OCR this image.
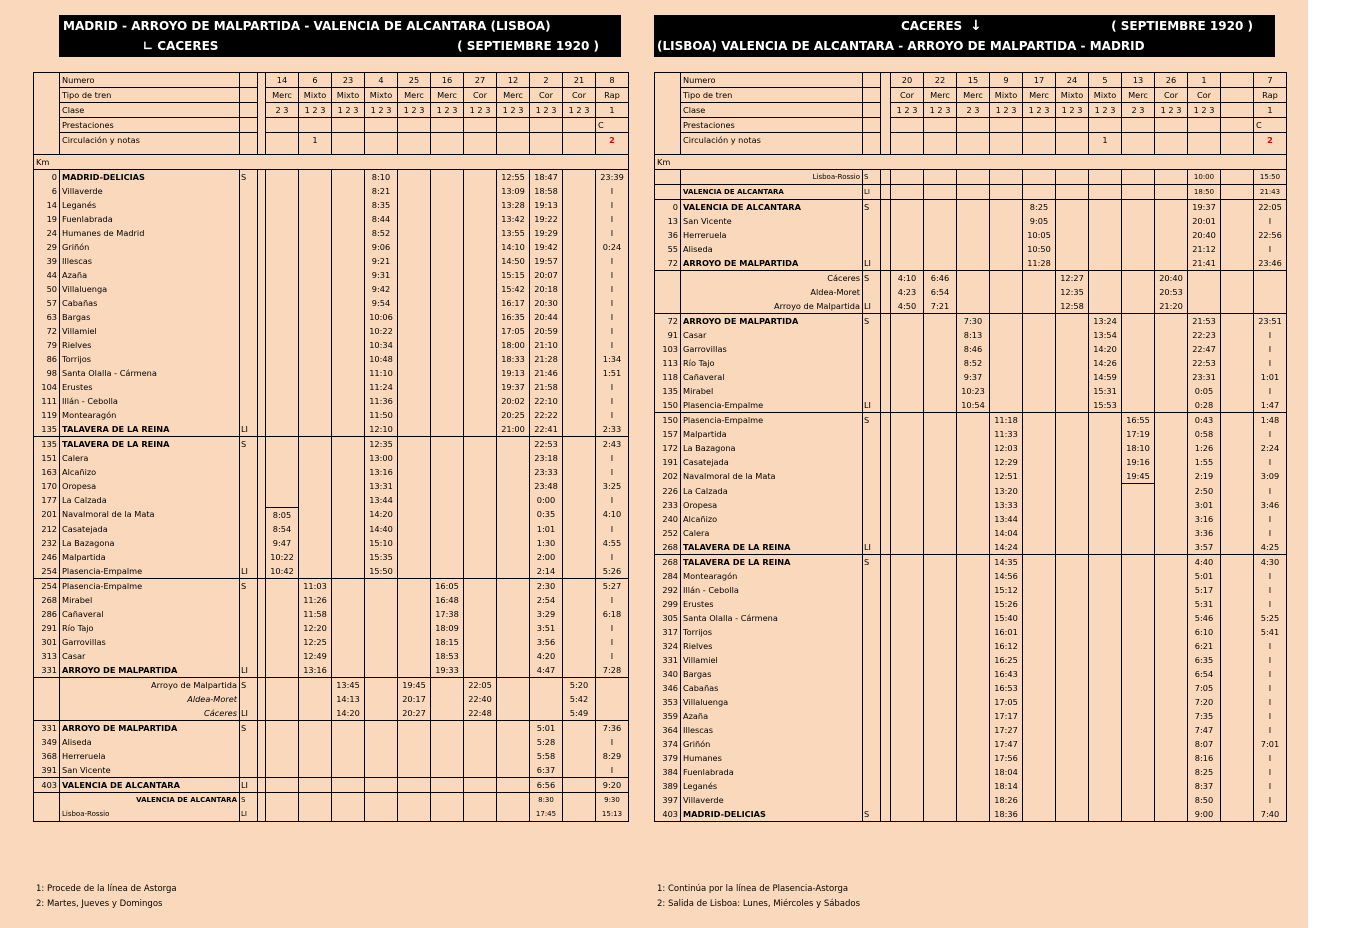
MADRID - ARROYO DE MALPARTIDA - VALENCIA DE ALCANTARA (LISBOA)
∟ CACERES	( SEPTIEMBRE 1920 )
CACERES ↓	( SEPTIEMBRE 1920 )
(LISBOA) VALENCIA DE ALCANTARA - ARROYO DE MALPARTIDA - MADRID
	Numero			14	6	23	4	25	16	27	12	2	21	8
	Tipo de tren			Merc	Mixto	Mixto	Mixto	Merc	Merc	Cor	Merc	Cor	Cor	Rap
	Clase			2 3	1 2 3	1 2 3	1 2 3	1 2 3	1 2 3	1 2 3	1 2 3	1 2 3	1 2 3	1
	Prestaciones													C
	Circulación y notas				1									2
Km														
0	MADRID-DELICIAS	S					8:10				12:55	18:47		23:39
6	Villaverde						8:21				13:09	18:58		I
14	Leganés						8:35				13:28	19:13		I
19	Fuenlabrada						8:44				13:42	19:22		I
24	Humanes de Madrid						8:52				13:55	19:29		I
29	Griñón						9:06				14:10	19:42		0:24
39	Illescas						9:21				14:50	19:57		I
44	Azaña						9:31				15:15	20:07		I
50	Villaluenga						9:42				15:42	20:18		I
57	Cabañas						9:54				16:17	20:30		I
63	Bargas						10:06				16:35	20:44		I
72	Villamiel						10:22				17:05	20:59		I
79	Rielves						10:34				18:00	21:10		I
86	Torrijos						10:48				18:33	21:28		1:34
98	Santa Olalla - Cármena						11:10				19:13	21:46		1:51
104	Erustes						11:24				19:37	21:58		I
111	Illán - Cebolla						11:36				20:02	22:10		I
119	Montearagón						11:50				20:25	22:22		I
135	TALAVERA DE LA REINA	LI					12:10				21:00	22:41		2:33
135	TALAVERA DE LA REINA	S					12:35					22:53		2:43
151	Calera						13:00					23:18		I
163	Alcañizo						13:16					23:33		I
170	Oropesa						13:31					23:48		3:25
177	La Calzada						13:44					0:00		I
201	Navalmoral de la Mata			8:05			14:20					0:35		4:10
212	Casatejada			8:54			14:40					1:01		I
232	La Bazagona			9:47			15:10					1:30		4:55
246	Malpartida			10:22			15:35					2:00		I
254	Plasencia-Empalme	LI		10:42			15:50					2:14		5:26
254	Plasencia-Empalme	S			11:03				16:05			2:30		5:27
268	Mirabel				11:26				16:48			2:54		I
286	Cañaveral				11:58				17:38			3:29		6:18
291	Río Tajo				12:20				18:09			3:51		I
301	Garrovillas				12:25				18:15			3:56		I
313	Casar				12:49				18:53			4:20		I
331	ARROYO DE MALPARTIDA	LI			13:16				19:33			4:47		7:28
	Arroyo de Malpartida	S				13:45		19:45		22:05			5:20	
	Aldea-Moret					14:13		20:17		22:40			5:42	
	Cáceres	LI				14:20		20:27		22:48			5:49	
331	ARROYO DE MALPARTIDA	S										5:01		7:36
349	Aliseda											5:28		I
368	Herreruela											5:58		8:29
391	San Vicente											6:37		I
403	VALENCIA DE ALCANTARA	LI										6:56		9:20
	VALENCIA DE ALCANTARA	S										8:30		9:30
	Lisboa-Rossio	LI										17:45		15:13
	Numero			20	22	15	9	17	24	5	13	26	1		7
	Tipo de tren			Cor	Merc	Merc	Mixto	Merc	Mixto	Mixto	Merc	Cor	Cor		Rap
	Clase			1 2 3	1 2 3	2 3	1 2 3	1 2 3	1 2 3	1 2 3	2 3	1 2 3	1 2 3		1
	Prestaciones														C
	Circulación y notas									1					2
Km															
	Lisboa-Rossio	S											10:00		15:50
	VALENCIA DE ALCANTARA	LI											18:50		21:43
0	VALENCIA DE ALCANTARA	S						8:25					19:37		22:05
13	San Vicente							9:05					20:01		I
36	Herreruela							10:05					20:40		22:56
55	Aliseda							10:50					21:12		I
72	ARROYO DE MALPARTIDA	LI						11:28					21:41		23:46
	Cáceres	S		4:10	6:46				12:27			20:40			
	Aldea-Moret			4:23	6:54				12:35			20:53			
	Arroyo de Malpartida	LI		4:50	7:21				12:58			21:20			
72	ARROYO DE MALPARTIDA	S				7:30				13:24			21:53		23:51
91	Casar					8:13				13:54			22:23		I
103	Garrovillas					8:46				14:20			22:47		I
113	Río Tajo					8:52				14:26			22:53		I
118	Cañaveral					9:37				14:59			23:31		1:01
135	Mirabel					10:23				15:31			0:05		I
150	Plasencia-Empalme	LI				10:54				15:53			0:28		1:47
150	Plasencia-Empalme	S					11:18				16:55		0:43		1:48
157	Malpartida						11:33				17:19		0:58		I
172	La Bazagona						12:03				18:10		1:26		2:24
191	Casatejada						12:29				19:16		1:55		I
202	Navalmoral de la Mata						12:51				19:45		2:19		3:09
226	La Calzada						13:20						2:50		I
233	Oropesa						13:33						3:01		3:46
240	Alcañizo						13:44						3:16		I
252	Calera						14:04						3:36		I
268	TALAVERA DE LA REINA	LI					14:24						3:57		4:25
268	TALAVERA DE LA REINA	S					14:35						4:40		4:30
284	Montearagón						14:56						5:01		I
292	Illán - Cebolla						15:12						5:17		I
299	Erustes						15:26						5:31		I
305	Santa Olalla - Cármena						15:40						5:46		5:25
317	Torrijos						16:01						6:10		5:41
324	Rielves						16:12						6:21		I
331	Villamiel						16:25						6:35		I
340	Bargas						16:43						6:54		I
346	Cabañas						16:53						7:05		I
353	Villaluenga						17:05						7:20		I
359	Azaña						17:17						7:35		I
364	Illescas						17:27						7:47		I
374	Griñón						17:47						8:07		7:01
379	Humanes						17:56						8:16		I
384	Fuenlabrada						18:04						8:25		I
389	Leganés						18:14						8:37		I
397	Villaverde						18:26						8:50		I
403	MADRID-DELICIAS	S					18:36						9:00		7:40
1: Procede de la línea de Astorga
2: Martes, Jueves y Domingos
1: Continúa por la línea de Plasencia-Astorga
2: Salida de Lisboa: Lunes, Miércoles y Sábados
